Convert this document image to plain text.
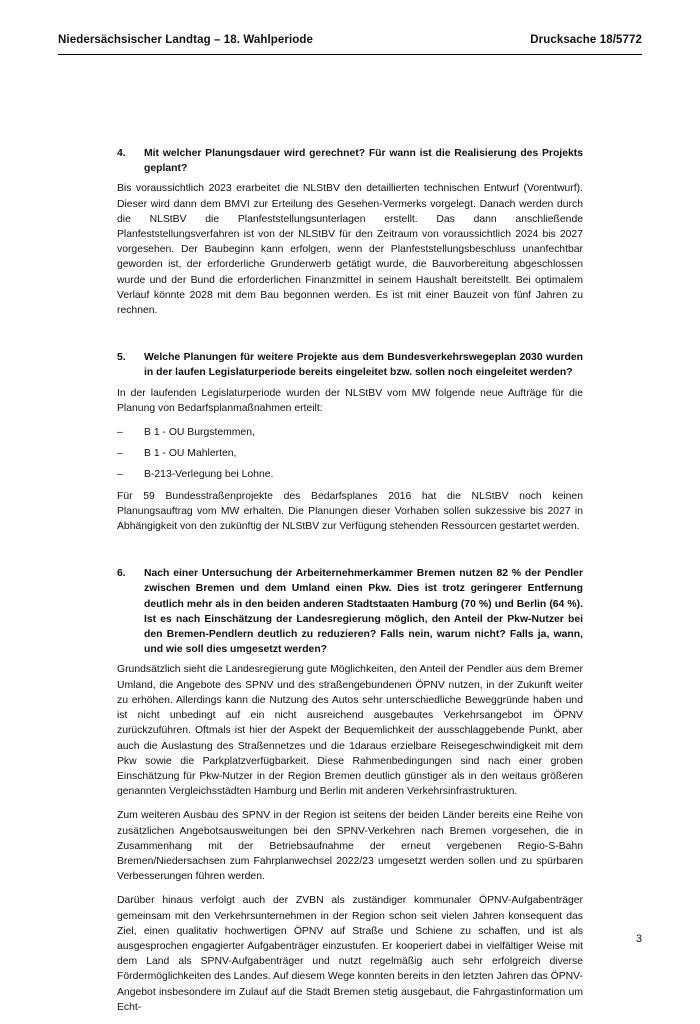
Niedersächsischer Landtag – 18. Wahlperiode	Drucksache 18/5772
4.	Mit welcher Planungsdauer wird gerechnet? Für wann ist die Realisierung des Projekts geplant?

Bis voraussichtlich 2023 erarbeitet die NLStBV den detaillierten technischen Entwurf (Vorentwurf). Dieser wird dann dem BMVI zur Erteilung des Gesehen-Vermerks vorgelegt. Danach werden durch die NLStBV die Planfeststellungsunterlagen erstellt. Das dann anschließende Planfeststellungsverfahren ist von der NLStBV für den Zeitraum von voraussichtlich 2024 bis 2027 vorgesehen. Der Baubeginn kann erfolgen, wenn der Planfeststellungsbeschluss unanfechtbar geworden ist, der erforderliche Grunderwerb getätigt wurde, die Bauvorbereitung abgeschlossen wurde und der Bund die erforderlichen Finanzmittel in seinem Haushalt bereitstellt. Bei optimalem Verlauf könnte 2028 mit dem Bau begonnen werden. Es ist mit einer Bauzeit von fünf Jahren zu rechnen.

5.	Welche Planungen für weitere Projekte aus dem Bundesverkehrswegeplan 2030 wurden in der laufen Legislaturperiode bereits eingeleitet bzw. sollen noch eingeleitet werden?

In der laufenden Legislaturperiode wurden der NLStBV vom MW folgende neue Aufträge für die Planung von Bedarfsplanmaßnahmen erteilt:

–	B 1 - OU Burgstemmen,
–	B 1 - OU Mahlerten,
–	B-213-Verlegung bei Lohne.

Für 59 Bundesstraßenprojekte des Bedarfsplanes 2016 hat die NLStBV noch keinen Planungsauftrag vom MW erhalten. Die Planungen dieser Vorhaben sollen sukzessive bis 2027 in Abhängigkeit von den zukünftig der NLStBV zur Verfügung stehenden Ressourcen gestartet werden.

6.	Nach einer Untersuchung der Arbeiternehmerkammer Bremen nutzen 82 % der Pendler zwischen Bremen und dem Umland einen Pkw. Dies ist trotz geringerer Entfernung deutlich mehr als in den beiden anderen Stadtstaaten Hamburg (70 %) und Berlin (64 %). Ist es nach Einschätzung der Landesregierung möglich, den Anteil der Pkw-Nutzer bei den Bremen-Pendlern deutlich zu reduzieren? Falls nein, warum nicht? Falls ja, wann, und wie soll dies umgesetzt werden?

Grundsätzlich sieht die Landesregierung gute Möglichkeiten, den Anteil der Pendler aus dem Bremer Umland, die Angebote des SPNV und des straßengebundenen ÖPNV nutzen, in der Zukunft weiter zu erhöhen. Allerdings kann die Nutzung des Autos sehr unterschiedliche Beweggründe haben und ist nicht unbedingt auf ein nicht ausreichend ausgebautes Verkehrsangebot im ÖPNV zurückzuführen. Oftmals ist hier der Aspekt der Bequemlichkeit der ausschlaggebende Punkt, aber auch die Auslastung des Straßennetzes und die 1daraus erzielbare Reisegeschwindigkeit mit dem Pkw sowie die Parkplatzverfügbarkeit. Diese Rahmenbedingungen sind nach einer groben Einschätzung für Pkw-Nutzer in der Region Bremen deutlich günstiger als in den weitaus größeren genannten Vergleichsstädten Hamburg und Berlin mit anderen Verkehrsinfrastrukturen.

Zum weiteren Ausbau des SPNV in der Region ist seitens der beiden Länder bereits eine Reihe von zusätzlichen Angebotsausweitungen bei den SPNV-Verkehren nach Bremen vorgesehen, die in Zusammenhang mit der Betriebsaufnahme der erneut vergebenen Regio-S-Bahn Bremen/Niedersachsen zum Fahrplanwechsel 2022/23 umgesetzt werden sollen und zu spürbaren Verbesserungen führen werden.

Darüber hinaus verfolgt auch der ZVBN als zuständiger kommunaler ÖPNV-Aufgabenträger gemeinsam mit den Verkehrsunternehmen in der Region schon seit vielen Jahren konsequent das Ziel, einen qualitativ hochwertigen ÖPNV auf Straße und Schiene zu schaffen, und ist als ausgesprochen engagierter Aufgabenträger einzustufen. Er kooperiert dabei in vielfältiger Weise mit dem Land als SPNV-Aufgabenträger und nutzt regelmäßig auch sehr erfolgreich diverse Fördermöglichkeiten des Landes. Auf diesem Wege konnten bereits in den letzten Jahren das ÖPNV-Angebot insbesondere im Zulauf auf die Stadt Bremen stetig ausgebaut, die Fahrgastinformation um Echt-

3
